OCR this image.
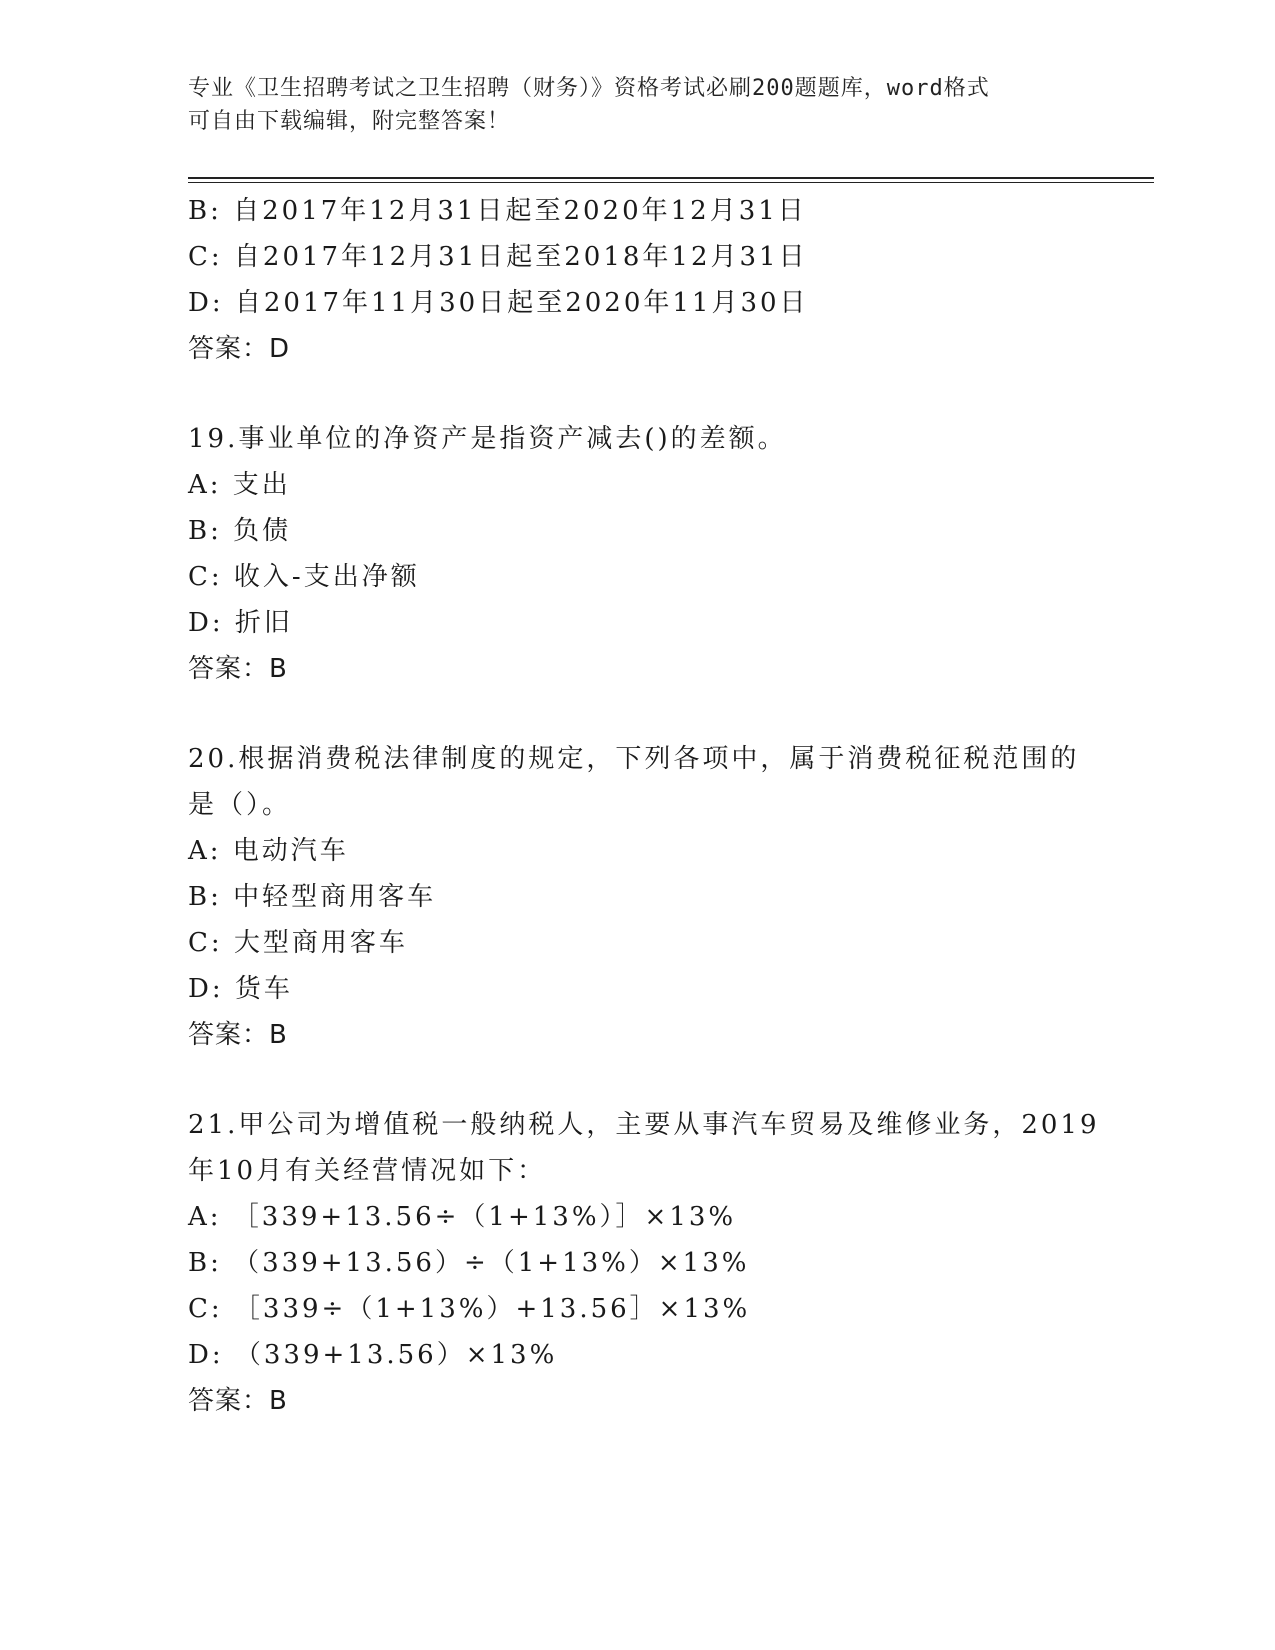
专业《卫生招聘考试之卫生招聘（财务）》资格考试必刷200题题库，word格式
可自由下载编辑，附完整答案！
B: 自2017年12月31日起至2020年12月31日
C: 自2017年12月31日起至2018年12月31日
D: 自2017年11月30日起至2020年11月30日
答案：D
19.事业单位的净资产是指资产减去()的差额。
A: 支出
B: 负债
C: 收入-支出净额
D: 折旧
答案：B
20.根据消费税法律制度的规定，下列各项中，属于消费税征税范围的
是（）。
A: 电动汽车
B: 中轻型商用客车
C: 大型商用客车
D: 货车
答案：B
21.甲公司为增值税一般纳税人，主要从事汽车贸易及维修业务，2019
年10月有关经营情况如下：
A: ［339+13.56÷（1+13%）］×13%
B: （339+13.56）÷（1+13%）×13%
C: ［339÷（1+13%）+13.56］×13%
D: （339+13.56）×13%
答案：B
